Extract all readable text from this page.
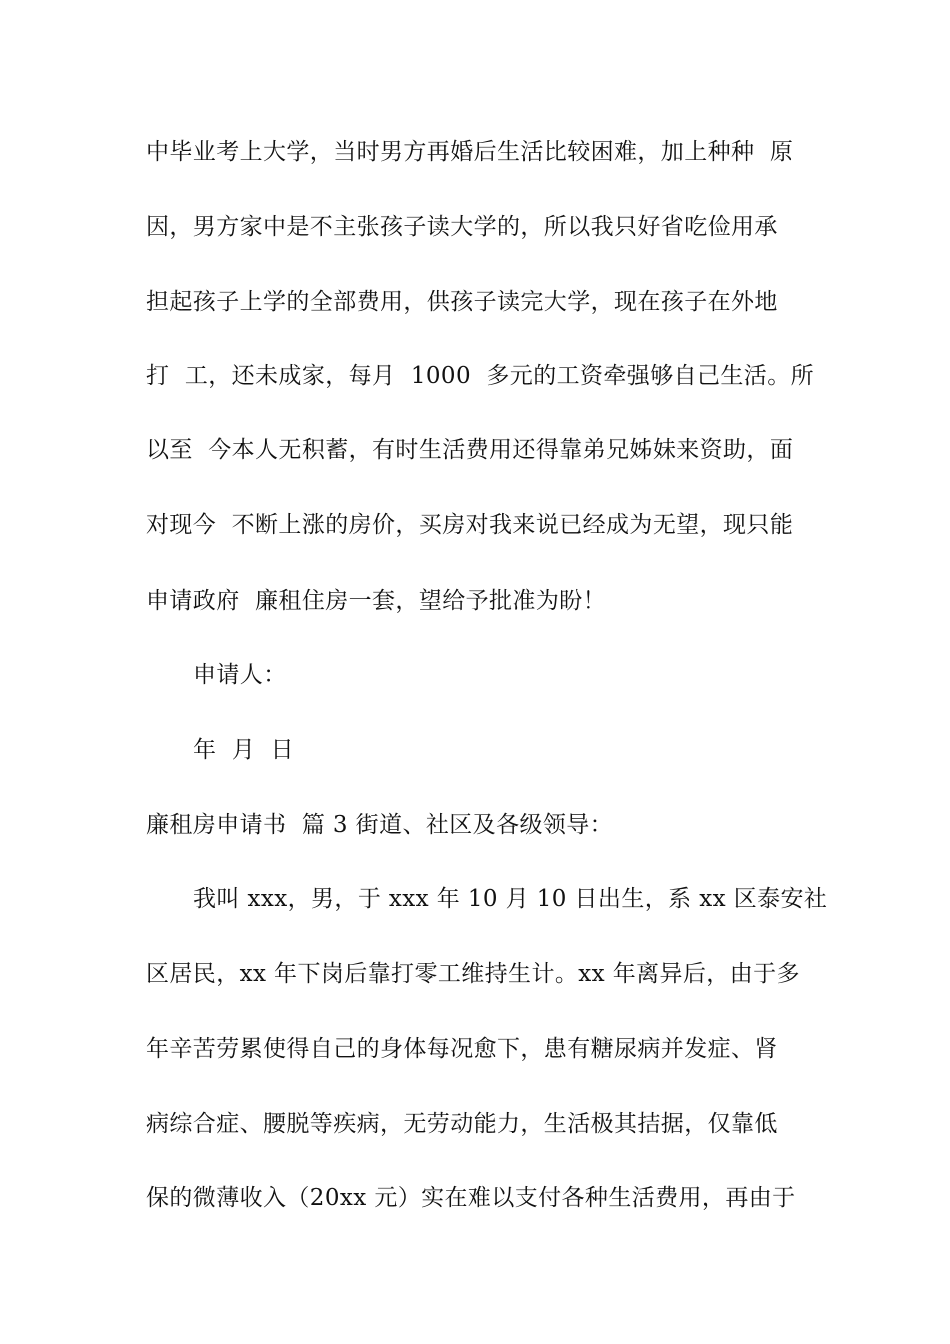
中毕业考上大学，当时男方再婚后生活比较困难，加上种种  原
因，男方家中是不主张孩子读大学的，所以我只好省吃俭用承
担起孩子上学的全部费用，供孩子读完大学，现在孩子在外地
打  工，还未成家，每月  1000  多元的工资牵强够自己生活。所
以至  今本人无积蓄，有时生活费用还得靠弟兄姊妹来资助，面
对现今  不断上涨的房价，买房对我来说已经成为无望，现只能
申请政府  廉租住房一套，望给予批准为盼！
申请人：
年  月  日
廉租房申请书  篇 3 街道、社区及各级领导：
我叫 xxx，男，于 xxx 年 10 月 10 日出生，系 xx 区泰安社
区居民，xx 年下岗后靠打零工维持生计。xx 年离异后，由于多
年辛苦劳累使得自己的身体每况愈下，患有糖尿病并发症、肾
病综合症、腰脱等疾病，无劳动能力，生活极其拮据，仅靠低
保的微薄收入（20xx 元）实在难以支付各种生活费用，再由于
